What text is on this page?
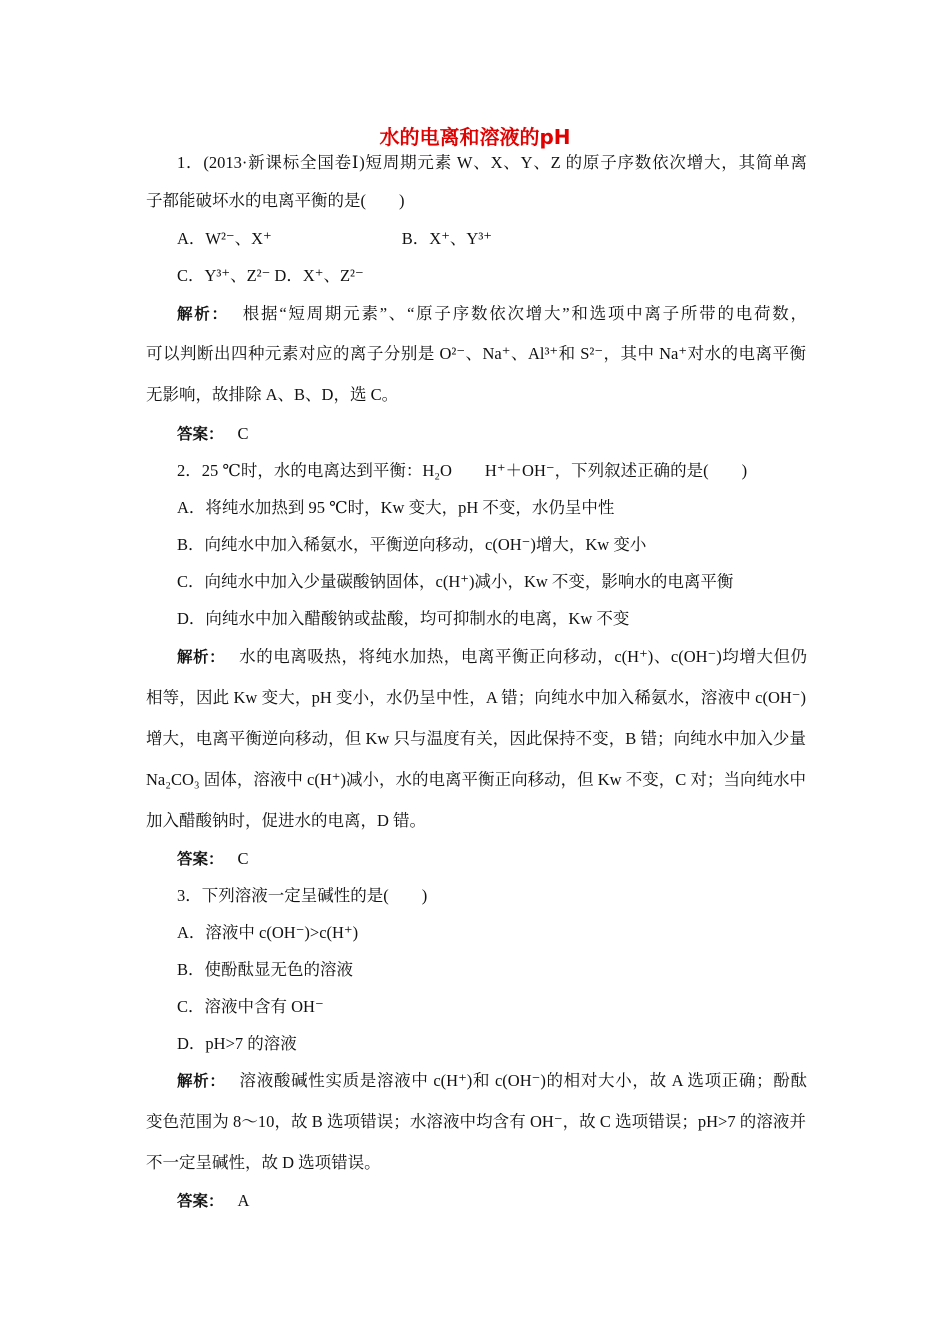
水的电离和溶液的pH
1．(2013·新课标全国卷Ⅰ)短周期元素 W、X、Y、Z 的原子序数依次增大，其简单离
子都能破坏水的电离平衡的是(　　)
A．W²⁻、X⁺	B．X⁺、Y³⁺
C．Y³⁺、Z²⁻ D．X⁺、Z²⁻
解析： 根据“短周期元素”、“原子序数依次增大”和选项中离子所带的电荷数，
可以判断出四种元素对应的离子分别是 O²⁻、Na⁺、Al³⁺和 S²⁻，其中 Na⁺对水的电离平衡
无影响，故排除 A、B、D，选 C。
答案： C
2．25 ℃时，水的电离达到平衡：H₂O　　H⁺＋OH⁻，下列叙述正确的是(　　)
A．将纯水加热到 95 ℃时，Kw 变大，pH 不变，水仍呈中性
B．向纯水中加入稀氨水，平衡逆向移动，c(OH⁻)增大，Kw 变小
C．向纯水中加入少量碳酸钠固体，c(H⁺)减小，Kw 不变，影响水的电离平衡
D．向纯水中加入醋酸钠或盐酸，均可抑制水的电离，Kw 不变
解析： 水的电离吸热，将纯水加热，电离平衡正向移动，c(H⁺)、c(OH⁻)均增大但仍
相等，因此 Kw 变大，pH 变小，水仍呈中性，A 错；向纯水中加入稀氨水，溶液中 c(OH⁻)
增大，电离平衡逆向移动，但 Kw 只与温度有关，因此保持不变，B 错；向纯水中加入少量
Na₂CO₃ 固体，溶液中 c(H⁺)减小，水的电离平衡正向移动，但 Kw 不变，C 对；当向纯水中
加入醋酸钠时，促进水的电离，D 错。
答案： C
3．下列溶液一定呈碱性的是(　　)
A．溶液中 c(OH⁻)>c(H⁺)
B．使酚酞显无色的溶液
C．溶液中含有 OH⁻
D．pH>7 的溶液
解析： 溶液酸碱性实质是溶液中 c(H⁺)和 c(OH⁻)的相对大小，故 A 选项正确；酚酞
变色范围为 8～10，故 B 选项错误；水溶液中均含有 OH⁻，故 C 选项错误；pH>7 的溶液并
不一定呈碱性，故 D 选项错误。
答案： A
